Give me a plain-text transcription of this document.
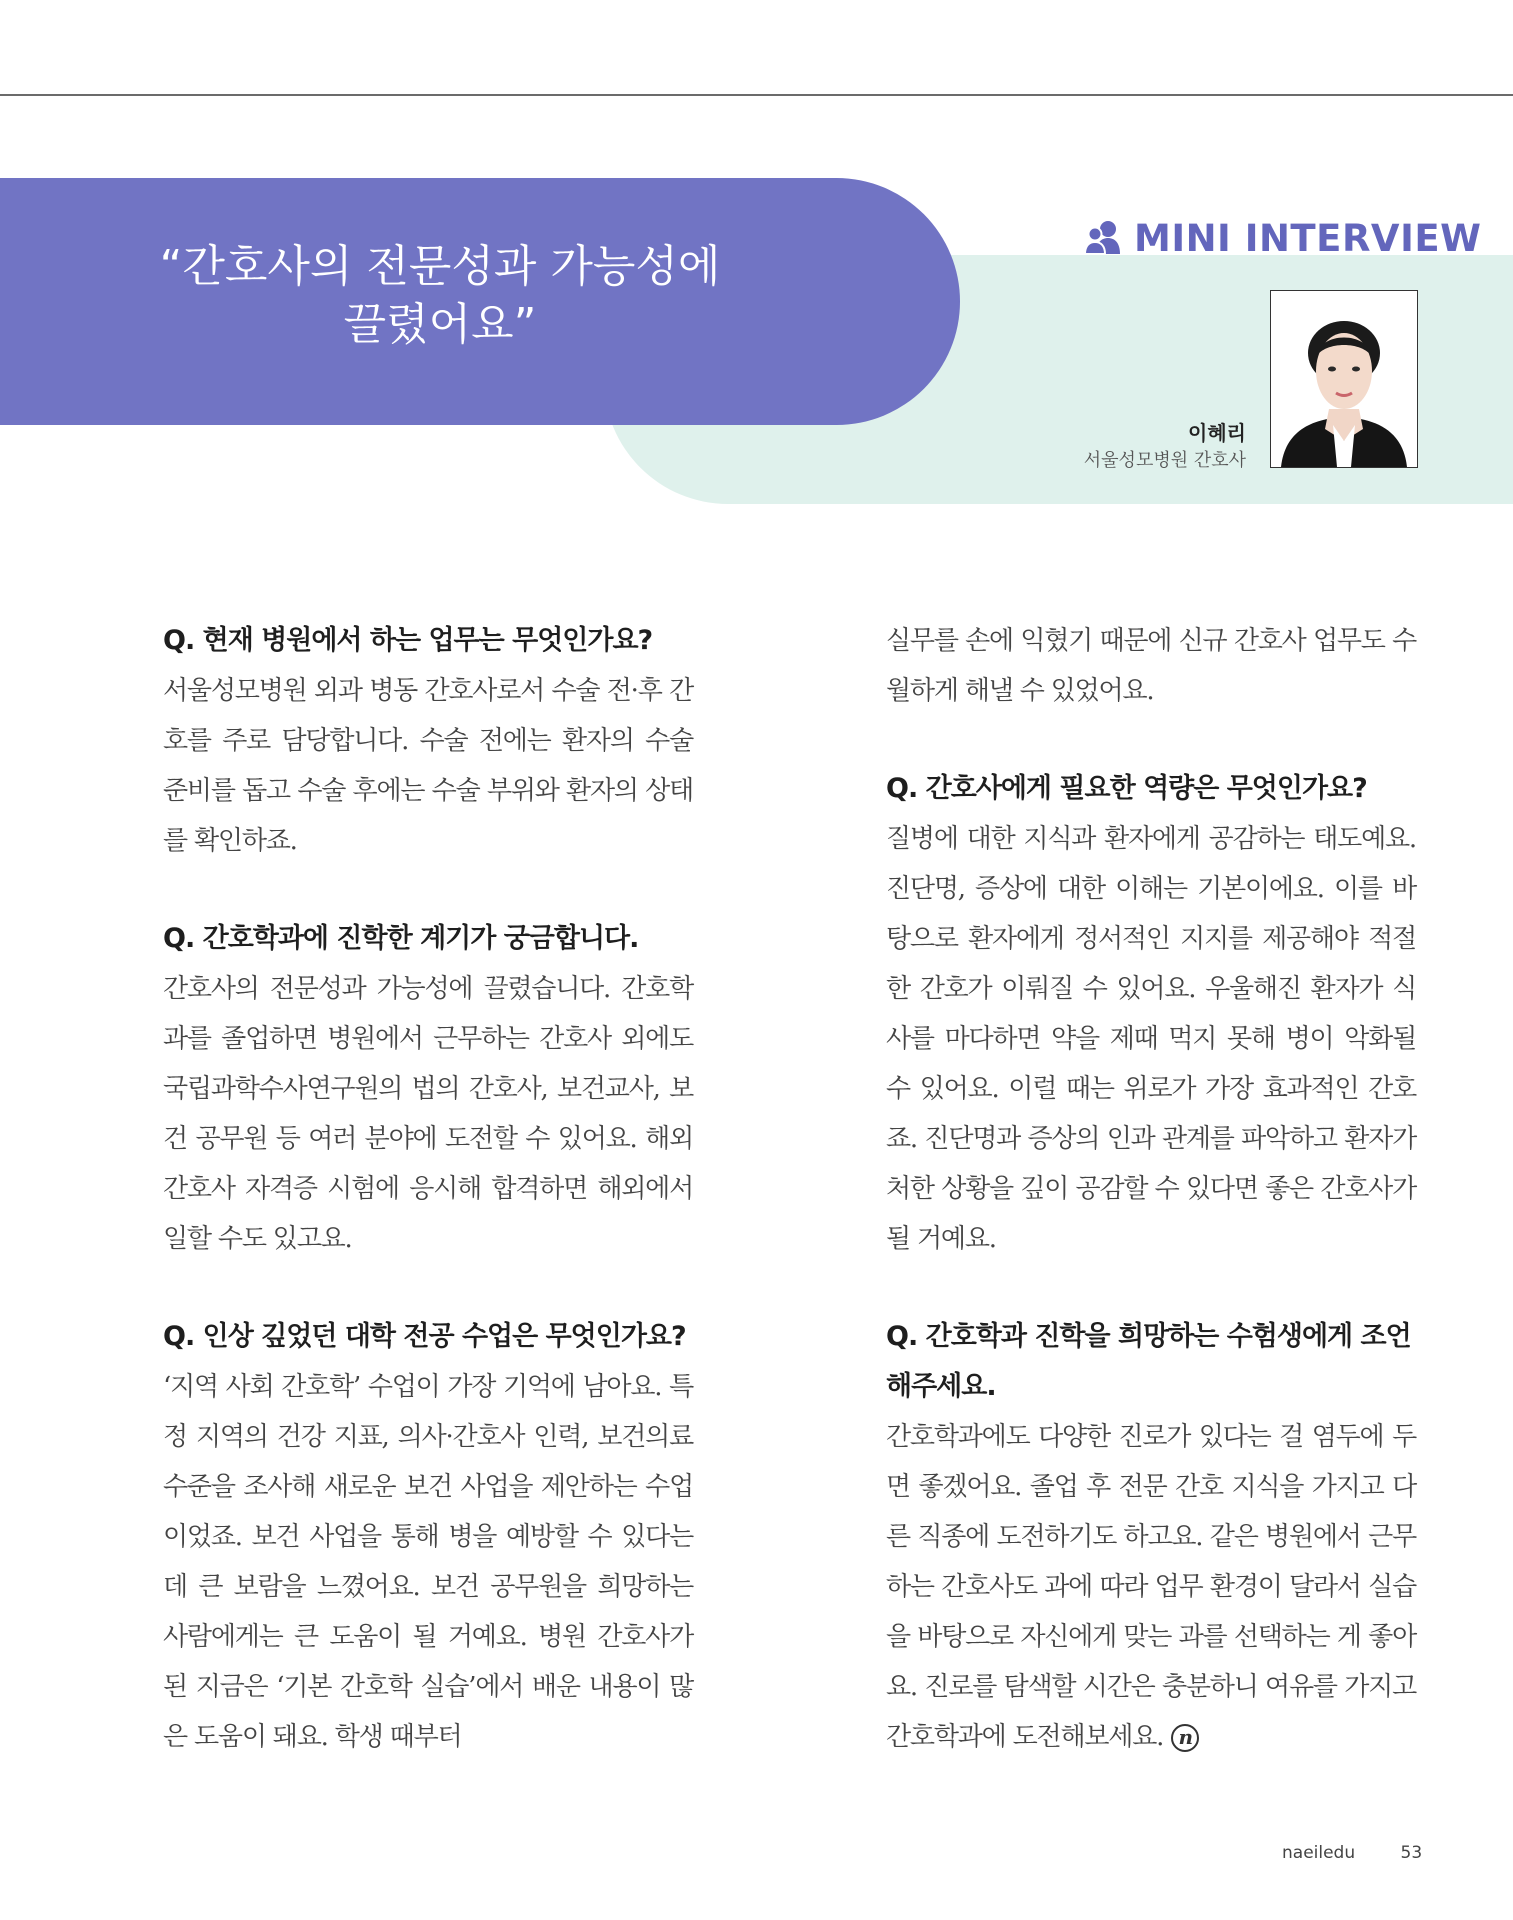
“간호사의 전문성과 가능성에
끌렸어요”
MINI INTERVIEW
이혜리
서울성모병원 간호사

Q. 현재 병원에서 하는 업무는 무엇인가요?

서울성모병원 외과 병동 간호사로서 수술 전·후 간호를 주로 담당합니다. 수술 전에는 환자의 수술 준비를 돕고 수술 후에는 수술 부위와 환자의 상태를 확인하죠.

Q. 간호학과에 진학한 계기가 궁금합니다.

간호사의 전문성과 가능성에 끌렸습니다. 간호학과를 졸업하면 병원에서 근무하는 간호사 외에도 국립과학수사연구원의 법의 간호사, 보건교사, 보건 공무원 등 여러 분야에 도전할 수 있어요. 해외 간호사 자격증 시험에 응시해 합격하면 해외에서 일할 수도 있고요.

Q. 인상 깊었던 대학 전공 수업은 무엇인가요?

‘지역 사회 간호학’ 수업이 가장 기억에 남아요. 특정 지역의 건강 지표, 의사·간호사 인력, 보건의료 수준을 조사해 새로운 보건 사업을 제안하는 수업이었죠. 보건 사업을 통해 병을 예방할 수 있다는 데 큰 보람을 느꼈어요. 보건 공무원을 희망하는 사람에게는 큰 도움이 될 거예요. 병원 간호사가 된 지금은 ‘기본 간호학 실습’에서 배운 내용이 많은 도움이 돼요. 학생 때부터

실무를 손에 익혔기 때문에 신규 간호사 업무도 수월하게 해낼 수 있었어요.

Q. 간호사에게 필요한 역량은 무엇인가요?

질병에 대한 지식과 환자에게 공감하는 태도예요. 진단명, 증상에 대한 이해는 기본이에요. 이를 바탕으로 환자에게 정서적인 지지를 제공해야 적절한 간호가 이뤄질 수 있어요. 우울해진 환자가 식사를 마다하면 약을 제때 먹지 못해 병이 악화될 수 있어요. 이럴 때는 위로가 가장 효과적인 간호죠. 진단명과 증상의 인과 관계를 파악하고 환자가 처한 상황을 깊이 공감할 수 있다면 좋은 간호사가 될 거예요.

Q. 간호학과 진학을 희망하는 수험생에게 조언해주세요.

간호학과에도 다양한 진로가 있다는 걸 염두에 두면 좋겠어요. 졸업 후 전문 간호 지식을 가지고 다른 직종에 도전하기도 하고요. 같은 병원에서 근무하는 간호사도 과에 따라 업무 환경이 달라서 실습을 바탕으로 자신에게 맞는 과를 선택하는 게 좋아요. 진로를 탐색할 시간은 충분하니 여유를 가지고 간호학과에 도전해보세요. n

naeiledu	53
